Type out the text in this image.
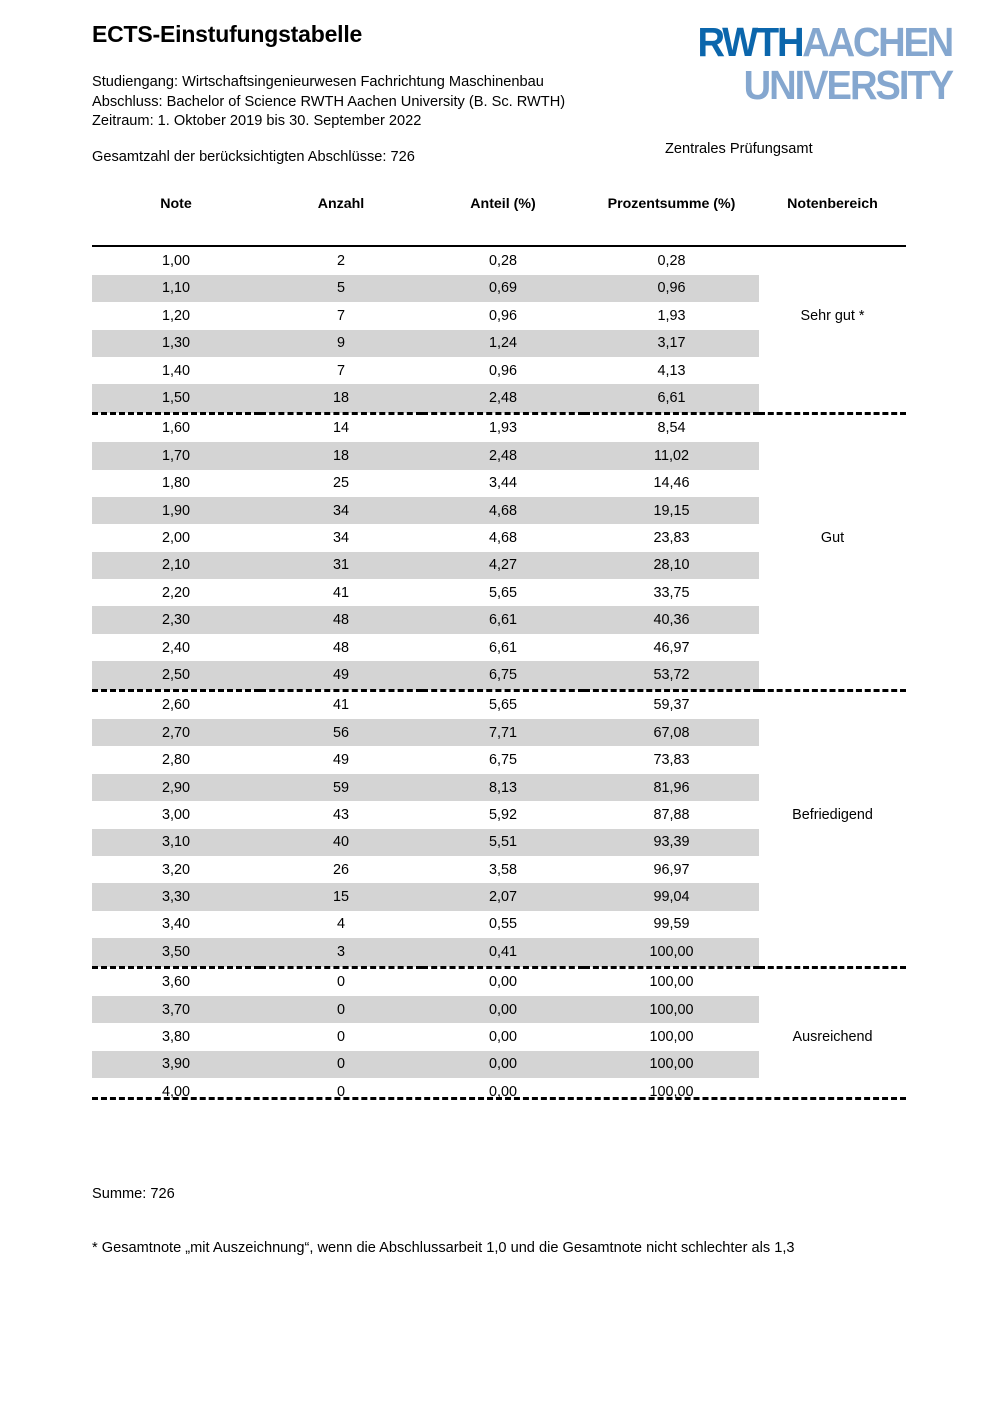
ECTS-Einstufungstabelle
Studiengang: Wirtschaftsingenieurwesen Fachrichtung Maschinenbau
Abschluss: Bachelor of Science RWTH Aachen University (B. Sc. RWTH)
Zeitraum: 1. Oktober 2019 bis 30. September 2022
Gesamtzahl der berücksichtigten Abschlüsse: 726
RWTHAACHEN
UNIVERSITY
Zentrales Prüfungsamt
Note	Anzahl	Anteil (%)	Prozentsumme (%)	Notenbereich

1,00	2	0,28	0,28	
1,10	5	0,69	0,96	
1,20	7	0,96	1,93	Sehr gut *
1,30	9	1,24	3,17	
1,40	7	0,96	4,13	
1,50	18	2,48	6,61	
1,60	14	1,93	8,54	
1,70	18	2,48	11,02	
1,80	25	3,44	14,46	
1,90	34	4,68	19,15	
2,00	34	4,68	23,83	Gut
2,10	31	4,27	28,10	
2,20	41	5,65	33,75	
2,30	48	6,61	40,36	
2,40	48	6,61	46,97	
2,50	49	6,75	53,72	
2,60	41	5,65	59,37	
2,70	56	7,71	67,08	
2,80	49	6,75	73,83	
2,90	59	8,13	81,96	
3,00	43	5,92	87,88	Befriedigend
3,10	40	5,51	93,39	
3,20	26	3,58	96,97	
3,30	15	2,07	99,04	
3,40	4	0,55	99,59	
3,50	3	0,41	100,00	
3,60	0	0,00	100,00	
3,70	0	0,00	100,00	
3,80	0	0,00	100,00	Ausreichend
3,90	0	0,00	100,00	
4,00	0	0,00	100,00	
Summe: 726
* Gesamtnote „mit Auszeichnung“, wenn die Abschlussarbeit 1,0 und die Gesamtnote nicht schlechter als 1,3
